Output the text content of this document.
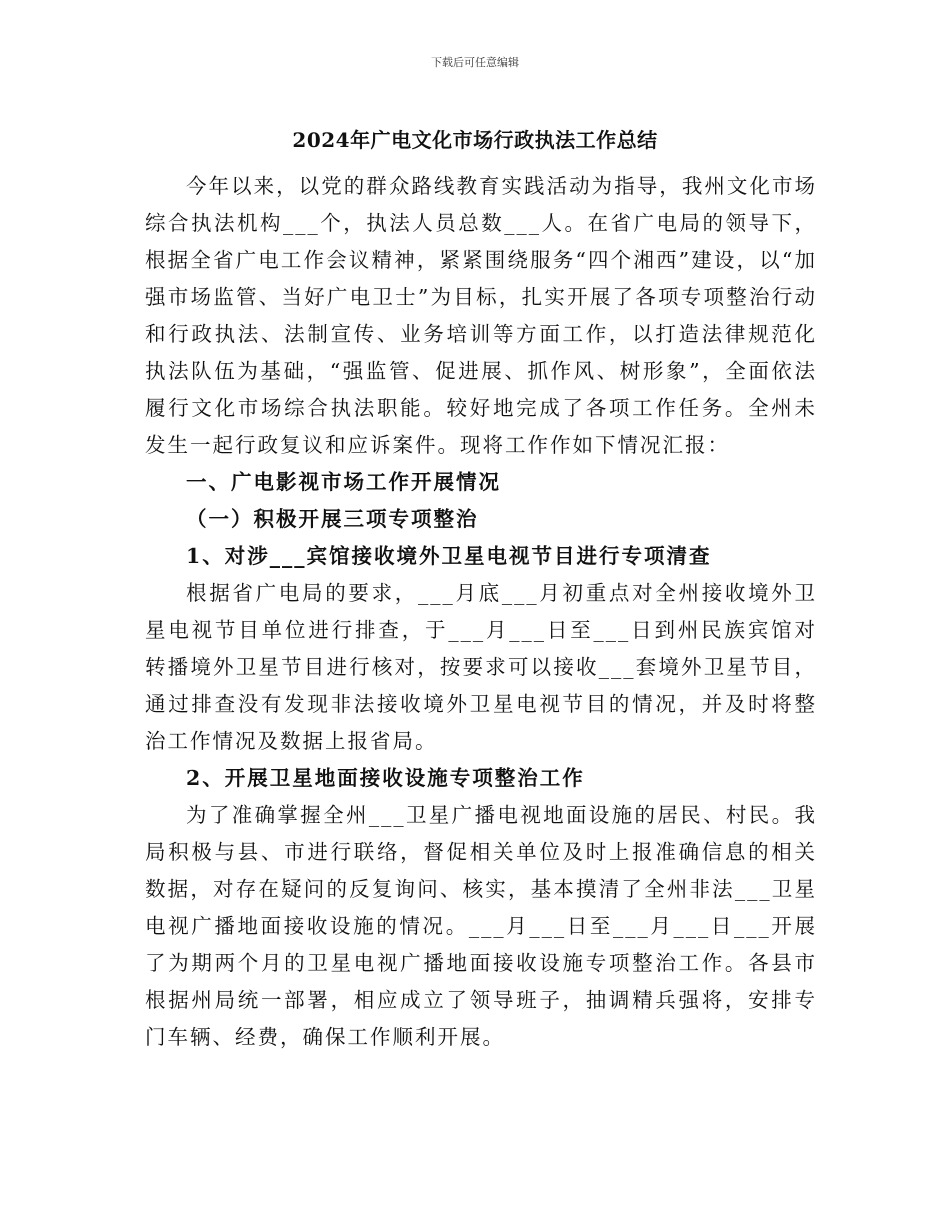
下载后可任意编辑
2024年广电文化市场行政执法工作总结

今年以来，以党的群众路线教育实践活动为指导，我州文化市场综合执法机构___个，执法人员总数___人。在省广电局的领导下，根据全省广电工作会议精神，紧紧围绕服务“四个湘西”建设，以“加强市场监管、当好广电卫士”为目标，扎实开展了各项专项整治行动和行政执法、法制宣传、业务培训等方面工作，以打造法律规范化执法队伍为基础，“强监管、促进展、抓作风、树形象”，全面依法履行文化市场综合执法职能。较好地完成了各项工作任务。全州未发生一起行政复议和应诉案件。现将工作作如下情况汇报：

一、广电影视市场工作开展情况

（一）积极开展三项专项整治

1、对涉___宾馆接收境外卫星电视节目进行专项清查

根据省广电局的要求，___月底___月初重点对全州接收境外卫星电视节目单位进行排查，于___月___日至___日到州民族宾馆对转播境外卫星节目进行核对，按要求可以接收___套境外卫星节目，通过排查没有发现非法接收境外卫星电视节目的情况，并及时将整治工作情况及数据上报省局。

2、开展卫星地面接收设施专项整治工作

为了准确掌握全州___卫星广播电视地面设施的居民、村民。我局积极与县、市进行联络，督促相关单位及时上报准确信息的相关数据，对存在疑问的反复询问、核实，基本摸清了全州非法___卫星电视广播地面接收设施的情况。___月___日至___月___日___开展了为期两个月的卫星电视广播地面接收设施专项整治工作。各县市根据州局统一部署，相应成立了领导班子，抽调精兵强将，安排专门车辆、经费，确保工作顺利开展。
